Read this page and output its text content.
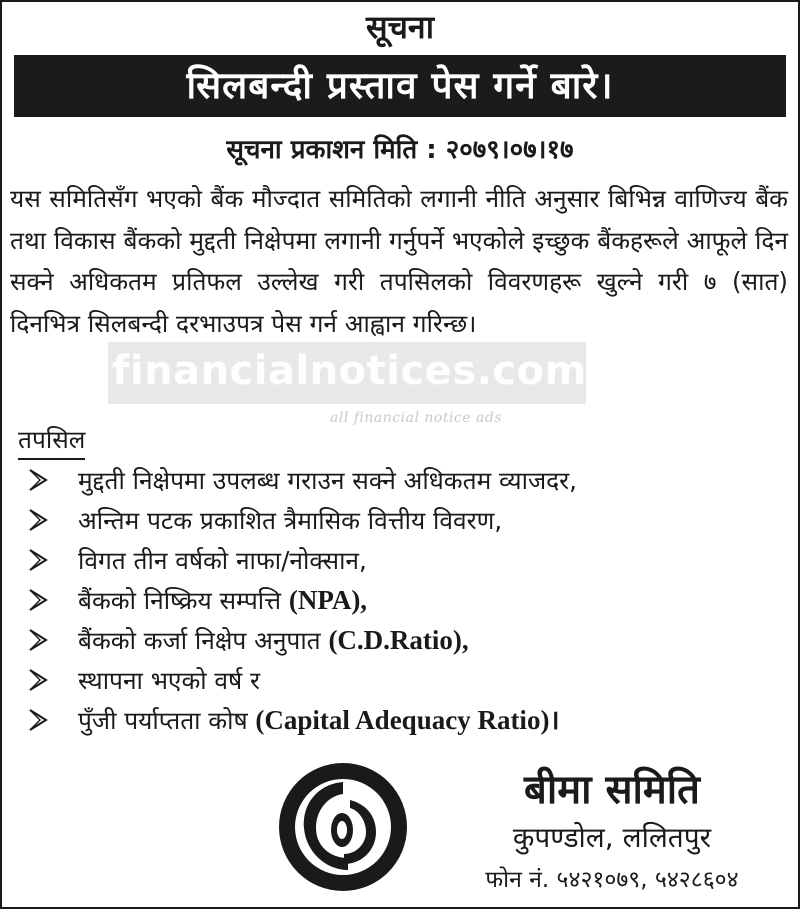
सूचना
सिलबन्दी प्रस्ताव पेस गर्ने बारे।
सूचना प्रकाशन मिति : २०७९।०७।१७

यस समितिसँग भएको बैंक मौज्दात समितिको लगानी नीति अनुसार बिभिन्न वाणिज्य बैंक तथा विकास बैंकको मुद्दती निक्षेपमा लगानी गर्नुपर्ने भएकोले इच्छुक बैंकहरूले आफूले दिन सक्ने अधिकतम प्रतिफल उल्लेख गरी तपसिलको विवरणहरू खुल्ने गरी ७ (सात) दिनभित्र सिलबन्दी दरभाउपत्र पेस गर्न आह्वान गरिन्छ।

financialnotices.com
all financial notice ads
तपसिल
मुद्दती निक्षेपमा उपलब्ध गराउन सक्ने अधिकतम व्याजदर,
अन्तिम पटक प्रकाशित त्रैमासिक वित्तीय विवरण,
विगत तीन वर्षको नाफा/नोक्सान,
बैंकको निष्क्रिय सम्पत्ति (NPA),
बैंकको कर्जा निक्षेप अनुपात (C.D.Ratio),
स्थापना भएको वर्ष र
पुँजी पर्याप्तता कोष (Capital Adequacy Ratio)।
बीमा समिति
कुपण्डोल, ललितपुर
फोन नं. ५४२१०७९, ५४२८६०४
